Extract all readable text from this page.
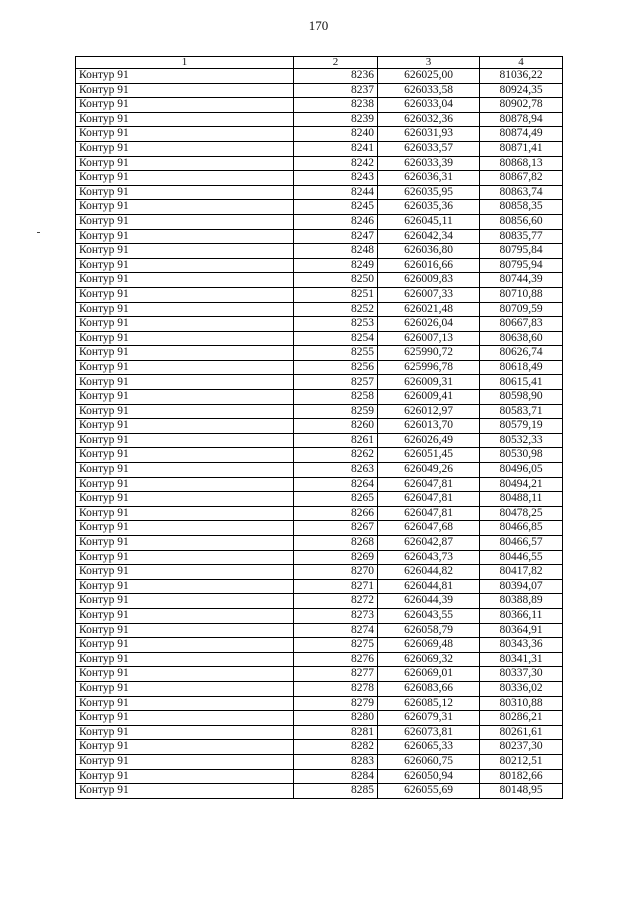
170
1	2	3	4
Контур 91	8236	626025,00	81036,22
Контур 91	8237	626033,58	80924,35
Контур 91	8238	626033,04	80902,78
Контур 91	8239	626032,36	80878,94
Контур 91	8240	626031,93	80874,49
Контур 91	8241	626033,57	80871,41
Контур 91	8242	626033,39	80868,13
Контур 91	8243	626036,31	80867,82
Контур 91	8244	626035,95	80863,74
Контур 91	8245	626035,36	80858,35
Контур 91	8246	626045,11	80856,60
Контур 91	8247	626042,34	80835,77
Контур 91	8248	626036,80	80795,84
Контур 91	8249	626016,66	80795,94
Контур 91	8250	626009,83	80744,39
Контур 91	8251	626007,33	80710,88
Контур 91	8252	626021,48	80709,59
Контур 91	8253	626026,04	80667,83
Контур 91	8254	626007,13	80638,60
Контур 91	8255	625990,72	80626,74
Контур 91	8256	625996,78	80618,49
Контур 91	8257	626009,31	80615,41
Контур 91	8258	626009,41	80598,90
Контур 91	8259	626012,97	80583,71
Контур 91	8260	626013,70	80579,19
Контур 91	8261	626026,49	80532,33
Контур 91	8262	626051,45	80530,98
Контур 91	8263	626049,26	80496,05
Контур 91	8264	626047,81	80494,21
Контур 91	8265	626047,81	80488,11
Контур 91	8266	626047,81	80478,25
Контур 91	8267	626047,68	80466,85
Контур 91	8268	626042,87	80466,57
Контур 91	8269	626043,73	80446,55
Контур 91	8270	626044,82	80417,82
Контур 91	8271	626044,81	80394,07
Контур 91	8272	626044,39	80388,89
Контур 91	8273	626043,55	80366,11
Контур 91	8274	626058,79	80364,91
Контур 91	8275	626069,48	80343,36
Контур 91	8276	626069,32	80341,31
Контур 91	8277	626069,01	80337,30
Контур 91	8278	626083,66	80336,02
Контур 91	8279	626085,12	80310,88
Контур 91	8280	626079,31	80286,21
Контур 91	8281	626073,81	80261,61
Контур 91	8282	626065,33	80237,30
Контур 91	8283	626060,75	80212,51
Контур 91	8284	626050,94	80182,66
Контур 91	8285	626055,69	80148,95
